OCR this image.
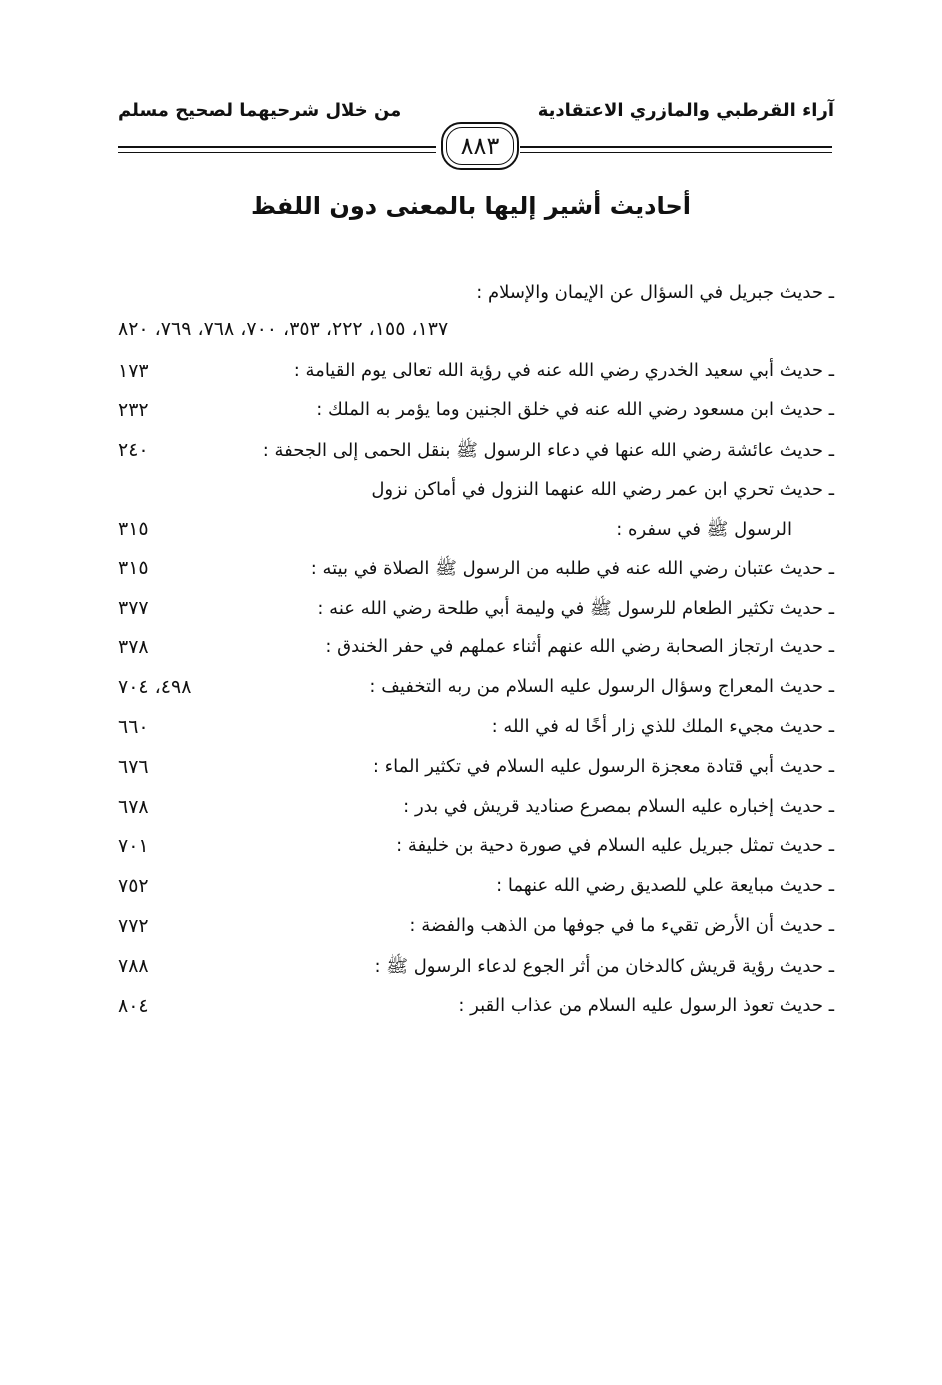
آراء القرطبي والمازري الاعتقادية
من خلال شرحيهما لصحيح مسلم
٨٨٣
أحاديث أشير إليها بالمعنى دون اللفظ
ـ حديث جبريل في السؤال عن الإيمان والإسلام :
١٣٧، ١٥٥، ٢٢٢، ٣٥٣، ٧٠٠، ٧٦٨، ٧٦٩، ٨٢٠
ـ حديث أبي سعيد الخدري رضي الله عنه في رؤية الله تعالى يوم القيامة :
١٧٣
ـ حديث ابن مسعود رضي الله عنه في خلق الجنين وما يؤمر به الملك :
٢٣٢
ـ حديث عائشة رضي الله عنها في دعاء الرسول ﷺ بنقل الحمى إلى الجحفة :
٢٤٠
ـ حديث تحري ابن عمر رضي الله عنهما النزول في أماكن نزول
الرسول ﷺ في سفره :
٣١٥
ـ حديث عتبان رضي الله عنه في طلبه من الرسول ﷺ الصلاة في بيته :
٣١٥
ـ حديث تكثير الطعام للرسول ﷺ في وليمة أبي طلحة رضي الله عنه :
٣٧٧
ـ حديث ارتجاز الصحابة رضي الله عنهم أثناء عملهم في حفر الخندق :
٣٧٨
ـ حديث المعراج وسؤال الرسول عليه السلام من ربه التخفيف :
٤٩٨، ٧٠٤
ـ حديث مجيء الملك للذي زار أخًا له في الله :
٦٦٠
ـ حديث أبي قتادة معجزة الرسول عليه السلام في تكثير الماء :
٦٧٦
ـ حديث إخباره عليه السلام بمصرع صناديد قريش في بدر :
٦٧٨
ـ حديث تمثل جبريل عليه السلام في صورة دحية بن خليفة :
٧٠١
ـ حديث مبايعة علي للصديق رضي الله عنهما :
٧٥٢
ـ حديث أن الأرض تقيء ما في جوفها من الذهب والفضة :
٧٧٢
ـ حديث رؤية قريش كالدخان من أثر الجوع لدعاء الرسول ﷺ :
٧٨٨
ـ حديث تعوذ الرسول عليه السلام من عذاب القبر :
٨٠٤
